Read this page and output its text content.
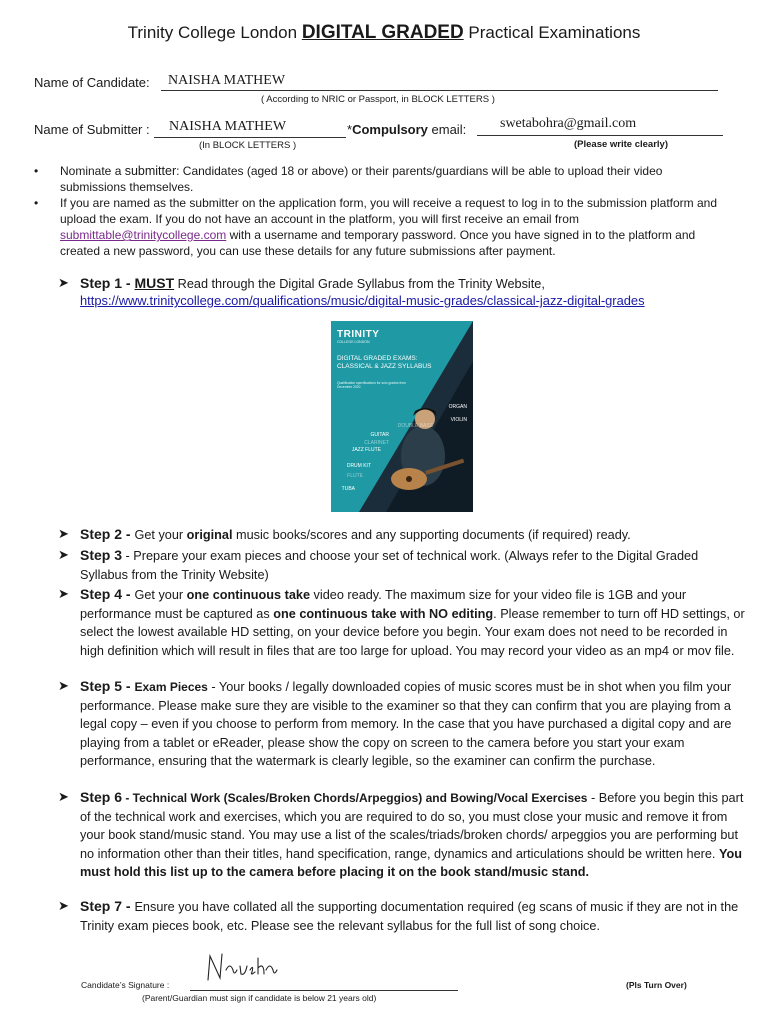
Trinity College London DIGITAL GRADED Practical Examinations
Name of Candidate: NAISHA MATHEW
( According to NRIC or Passport, in BLOCK LETTERS )
Name of Submitter : NAISHA MATHEW	*Compulsory email: swetabohra@gmail.com
(In BLOCK LETTERS )	(Please write clearly)
• Nominate a submitter: Candidates (aged 18 or above) or their parents/guardians will be able to upload their video submissions themselves.
• If you are named as the submitter on the application form, you will receive a request to log in to the submission platform and upload the exam. If you do not have an account in the platform, you will first receive an email from submittable@trinitycollege.com with a username and temporary password. Once you have signed in to the platform and created a new password, you can use these details for any future submissions after payment.
➤ Step 1 - MUST Read through the Digital Grade Syllabus from the Trinity Website,
https://www.trinitycollege.com/qualifications/music/digital-music-grades/classical-jazz-digital-grades
TRINITY
COLLEGE LONDON
DIGITAL GRADED EXAMS: CLASSICAL & JAZZ SYLLABUS
Qualification specifications for solo grades from December 2020
ORGAN
VIOLIN
DOUBLE BASS
GUITAR
CLARINET
JAZZ FLUTE
DRUM KIT
FLUTE
TUBA
➤ Step 2 - Get your original music books/scores and any supporting documents (if required) ready.
➤ Step 3 - Prepare your exam pieces and choose your set of technical work. (Always refer to the Digital Graded Syllabus from the Trinity Website)
➤ Step 4 - Get your one continuous take video ready. The maximum size for your video file is 1GB and your performance must be captured as one continuous take with NO editing. Please remember to turn off HD settings, or select the lowest available HD setting, on your device before you begin. Your exam does not need to be recorded in high definition which will result in files that are too large for upload. You may record your video as an mp4 or mov file.
➤ Step 5 - Exam Pieces - Your books / legally downloaded copies of music scores must be in shot when you film your performance. Please make sure they are visible to the examiner so that they can confirm that you are playing from a legal copy – even if you choose to perform from memory. In the case that you have purchased a digital copy and are playing from a tablet or eReader, please show the copy on screen to the camera before you start your exam performance, ensuring that the watermark is clearly legible, so the examiner can confirm the purchase.
➤ Step 6 - Technical Work (Scales/Broken Chords/Arpeggios) and Bowing/Vocal Exercises - Before you begin this part of the technical work and exercises, which you are required to do so, you must close your music and remove it from your book stand/music stand. You may use a list of the scales/triads/broken chords/ arpeggios you are performing but no information other than their titles, hand specification, range, dynamics and articulations should be written here. You must hold this list up to the camera before placing it on the book stand/music stand.
➤ Step 7 - Ensure you have collated all the supporting documentation required (eg scans of music if they are not in the Trinity exam pieces book, etc. Please see the relevant syllabus for the full list of song choice.
Candidate’s Signature :	(Pls Turn Over)
(Parent/Guardian must sign if candidate is below 21 years old)
